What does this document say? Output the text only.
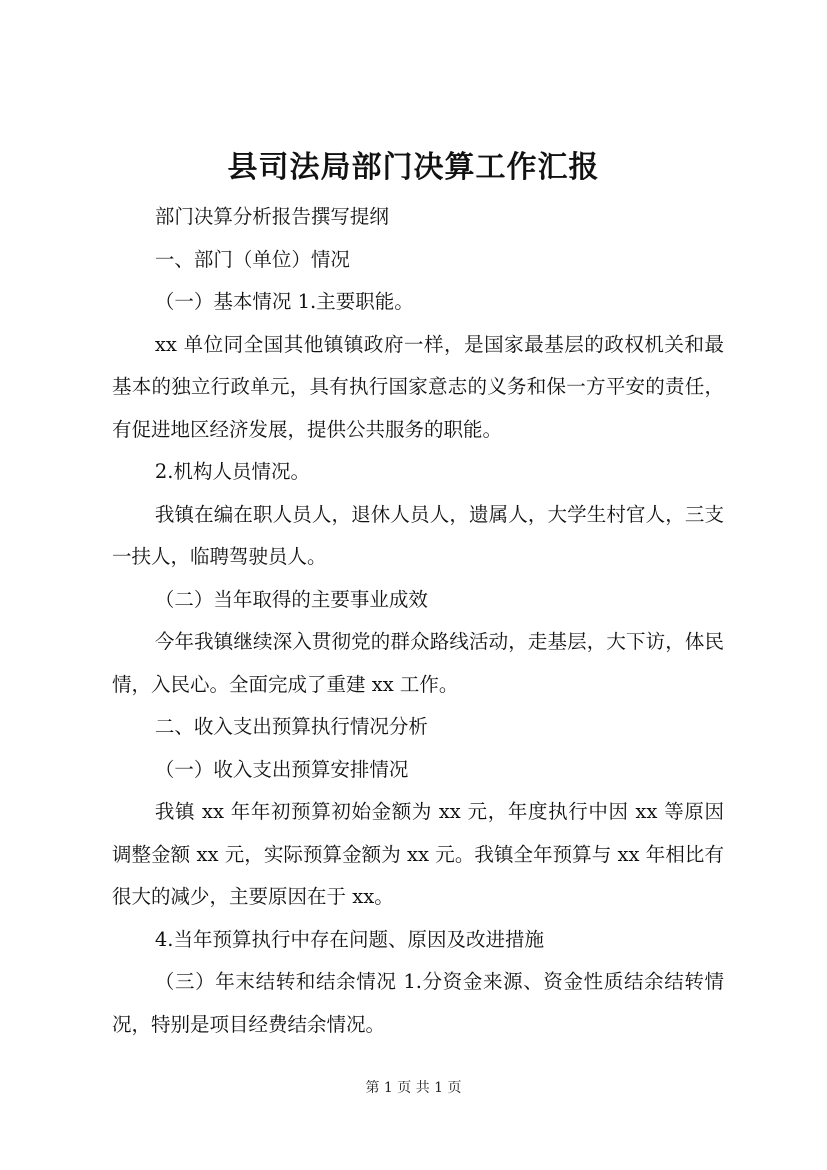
县司法局部门决算工作汇报

部门决算分析报告撰写提纲

一、部门（单位）情况

（一）基本情况 1.主要职能。

xx 单位同全国其他镇镇政府一样，是国家最基层的政权机关和最基本的独立行政单元，具有执行国家意志的义务和保一方平安的责任，有促进地区经济发展，提供公共服务的职能。

2.机构人员情况。

我镇在编在职人员人，退休人员人，遗属人，大学生村官人，三支一扶人，临聘驾驶员人。

（二）当年取得的主要事业成效

今年我镇继续深入贯彻党的群众路线活动，走基层，大下访，体民情，入民心。全面完成了重建 xx 工作。

二、收入支出预算执行情况分析

（一）收入支出预算安排情况

我镇 xx 年年初预算初始金额为 xx 元，年度执行中因 xx 等原因调整金额 xx 元，实际预算金额为 xx 元。我镇全年预算与 xx 年相比有很大的减少，主要原因在于 xx。

4.当年预算执行中存在问题、原因及改进措施

（三）年末结转和结余情况 1.分资金来源、资金性质结余结转情况，特别是项目经费结余情况。

第 1 页 共 1 页
